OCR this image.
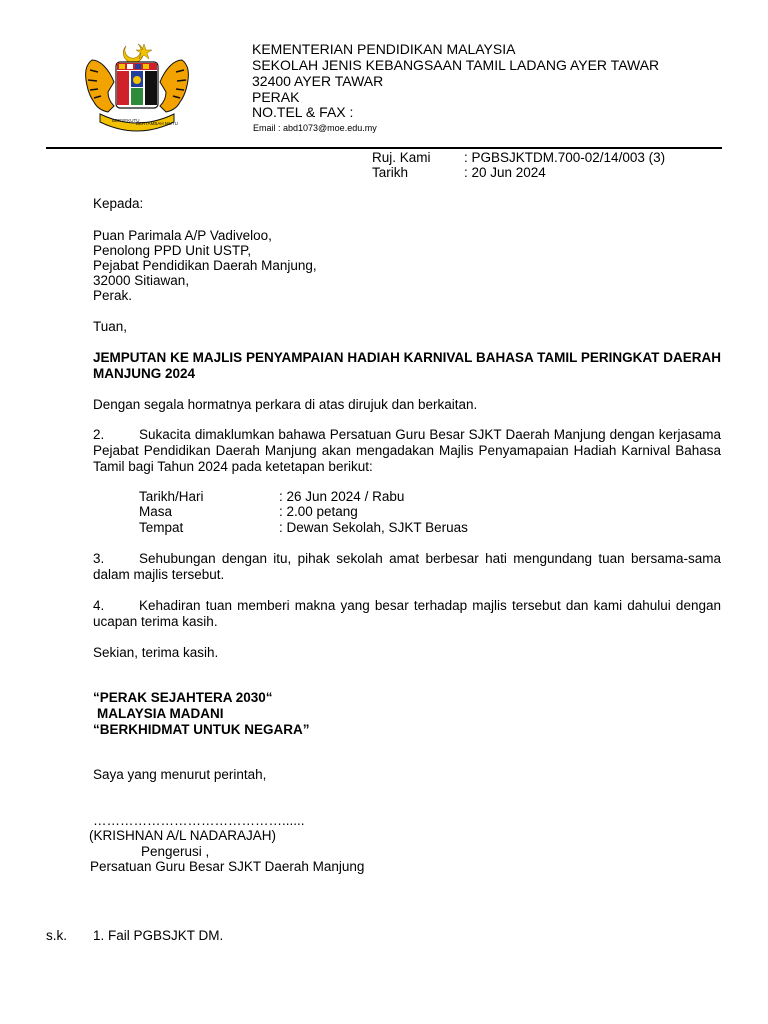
BERSEKUTU
BERTAMBAH MUTU
KEMENTERIAN PENDIDIKAN MALAYSIA
SEKOLAH JENIS KEBANGSAAN TAMIL LADANG AYER TAWAR
32400 AYER TAWAR
PERAK
NO.TEL & FAX :
Email : abd1073@moe.edu.my
Ruj. Kami : PGBSJKTDM.700-02/14/003 (3)
Tarikh	: 20 Jun 2024
Kepada:
Puan Parimala A/P Vadiveloo,
Penolong PPD Unit USTP,
Pejabat Pendidikan Daerah Manjung,
32000 Sitiawan,
Perak.
Tuan,
JEMPUTAN KE MAJLIS PENYAMPAIAN HADIAH KARNIVAL BAHASA TAMIL PERINGKAT DAERAH MANJUNG 2024
Dengan segala hormatnya perkara di atas dirujuk dan berkaitan.
2.	Sukacita dimaklumkan bahawa Persatuan Guru Besar SJKT Daerah Manjung dengan kerjasama Pejabat Pendidikan Daerah Manjung akan mengadakan Majlis Penyamapaian Hadiah Karnival Bahasa Tamil bagi Tahun 2024 pada ketetapan berikut:
Tarikh/Hari	: 26 Jun 2024 / Rabu
Masa	: 2.00 petang
Tempat	: Dewan Sekolah, SJKT Beruas
3.	Sehubungan dengan itu, pihak sekolah amat berbesar hati mengundang tuan bersama-sama dalam majlis tersebut.
4.	Kehadiran tuan memberi makna yang besar terhadap majlis tersebut dan kami dahului dengan ucapan terima kasih.
Sekian, terima kasih.
“PERAK SEJAHTERA 2030“
MALAYSIA MADANI
“BERKHIDMAT UNTUK NEGARA”
Saya yang menurut perintah,
……………………………………......
(KRISHNAN A/L NADARAJAH)
Pengerusi ,
Persatuan Guru Besar SJKT Daerah Manjung
s.k. 1. Fail PGBSJKT DM.
